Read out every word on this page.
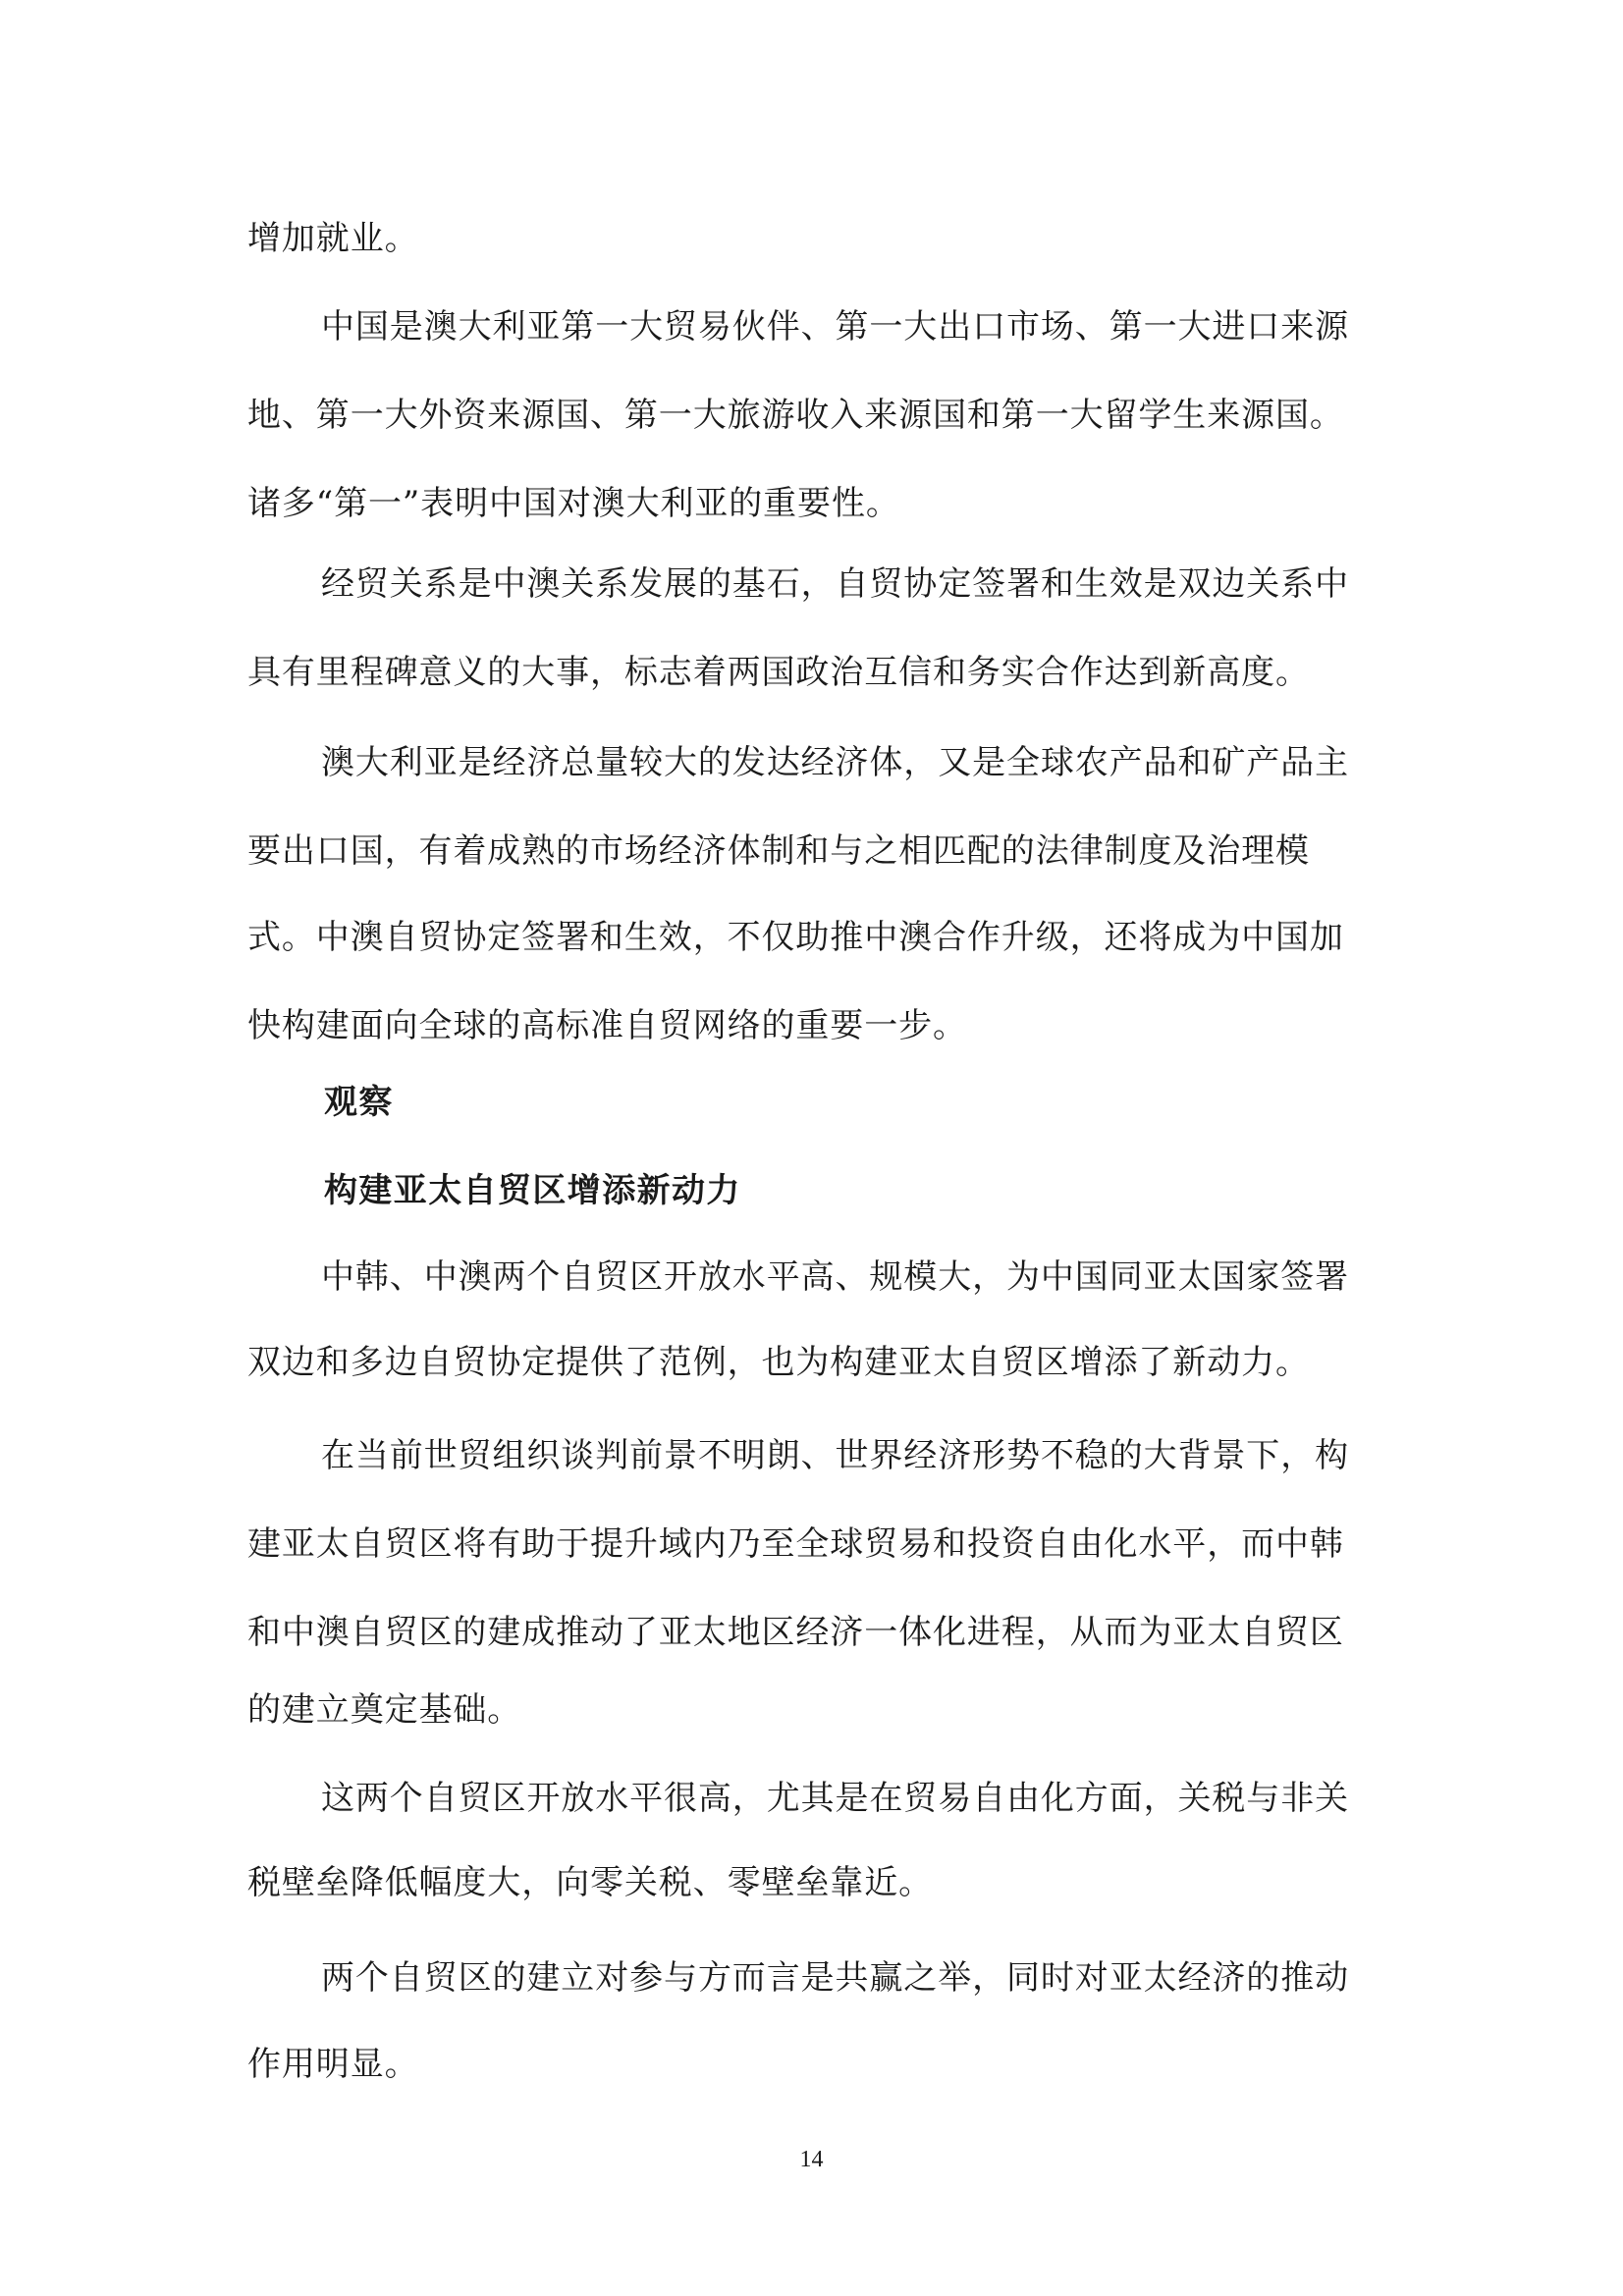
增加就业。
中国是澳大利亚第一大贸易伙伴、第一大出口市场、第一大进口来源
地、第一大外资来源国、第一大旅游收入来源国和第一大留学生来源国。
诸多“第一”表明中国对澳大利亚的重要性。
经贸关系是中澳关系发展的基石，自贸协定签署和生效是双边关系中
具有里程碑意义的大事，标志着两国政治互信和务实合作达到新高度。
澳大利亚是经济总量较大的发达经济体，又是全球农产品和矿产品主
要出口国，有着成熟的市场经济体制和与之相匹配的法律制度及治理模
式。中澳自贸协定签署和生效，不仅助推中澳合作升级，还将成为中国加
快构建面向全球的高标准自贸网络的重要一步。
观察
构建亚太自贸区增添新动力
中韩、中澳两个自贸区开放水平高、规模大，为中国同亚太国家签署
双边和多边自贸协定提供了范例，也为构建亚太自贸区增添了新动力。
在当前世贸组织谈判前景不明朗、世界经济形势不稳的大背景下，构
建亚太自贸区将有助于提升域内乃至全球贸易和投资自由化水平，而中韩
和中澳自贸区的建成推动了亚太地区经济一体化进程，从而为亚太自贸区
的建立奠定基础。
这两个自贸区开放水平很高，尤其是在贸易自由化方面，关税与非关
税壁垒降低幅度大，向零关税、零壁垒靠近。
两个自贸区的建立对参与方而言是共赢之举，同时对亚太经济的推动
作用明显。
14
